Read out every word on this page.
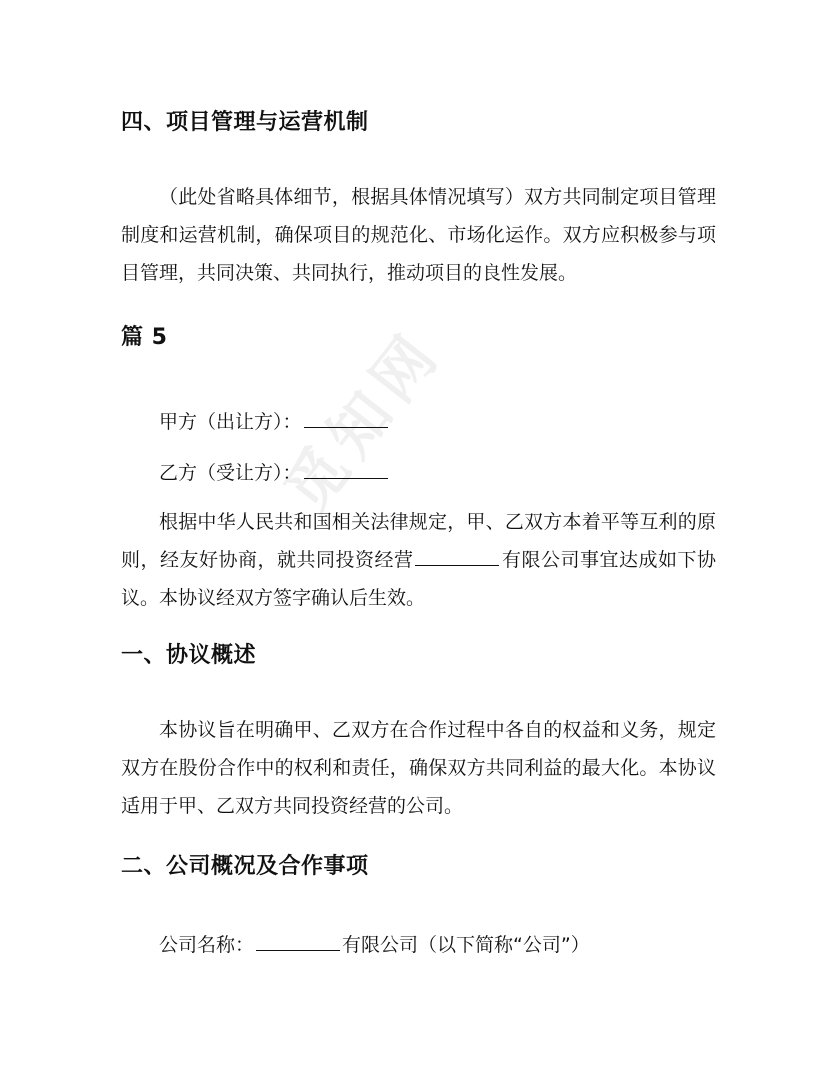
觅知网
四、项目管理与运营机制

（此处省略具体细节，根据具体情况填写）双方共同制定项目管理制度和运营机制，确保项目的规范化、市场化运作。双方应积极参与项目管理，共同决策、共同执行，推动项目的良性发展。

篇 5
甲方（出让方）：
乙方（受让方）：

根据中华人民共和国相关法律规定，甲、乙双方本着平等互利的原则，经友好协商，就共同投资经营	有限公司事宜达成如下协议。本协议经双方签字确认后生效。

一、协议概述

本协议旨在明确甲、乙双方在合作过程中各自的权益和义务，规定双方在股份合作中的权利和责任，确保双方共同利益的最大化。本协议适用于甲、乙双方共同投资经营的公司。

二、公司概况及合作事项
公司名称：	有限公司（以下简称“公司”）
